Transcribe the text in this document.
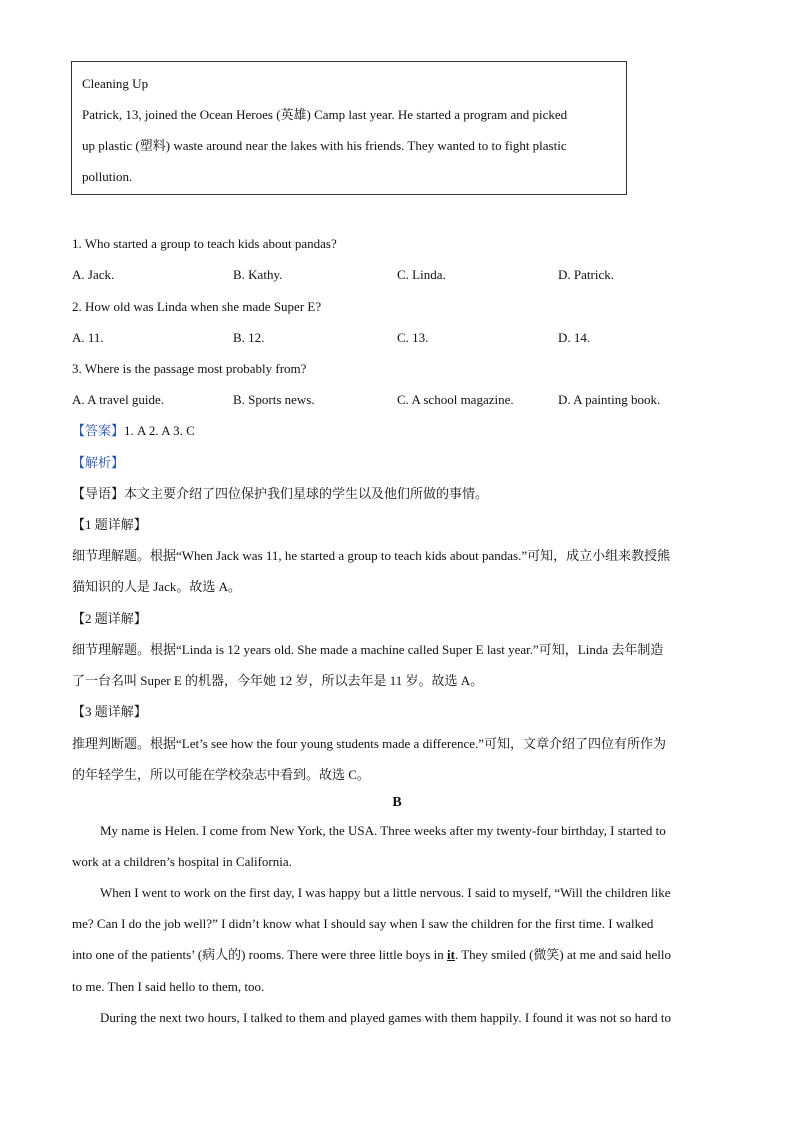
Cleaning Up
Patrick, 13, joined the Ocean Heroes (英雄) Camp last year. He started a program and picked
up plastic (塑料) waste around near the lakes with his friends. They wanted to to fight plastic
pollution.
1. Who started a group to teach kids about pandas?
A. Jack.	B. Kathy.	C. Linda.	D. Patrick.
2. How old was Linda when she made Super E?
A. 11.	B. 12.	C. 13.	D. 14.
3. Where is the passage most probably from?
A. A travel guide.	B. Sports news.	C. A school magazine.	D. A painting book.
【答案】1. A 2. A 3. C
【解析】
【导语】本文主要介绍了四位保护我们星球的学生以及他们所做的事情。
【1 题详解】
细节理解题。根据“When Jack was 11, he started a group to teach kids about pandas.”可知，成立小组来教授熊
猫知识的人是 Jack。故选 A。
【2 题详解】
细节理解题。根据“Linda is 12 years old. She made a machine called Super E last year.”可知，Linda 去年制造
了一台名叫 Super E 的机器，今年她 12 岁，所以去年是 11 岁。故选 A。
【3 题详解】
推理判断题。根据“Let’s see how the four young students made a difference.”可知，文章介绍了四位有所作为
的年轻学生，所以可能在学校杂志中看到。故选 C。
B
My name is Helen. I come from New York, the USA. Three weeks after my twenty-four birthday, I started to
work at a children’s hospital in California.
When I went to work on the first day, I was happy but a little nervous. I said to myself, “Will the children like
me? Can I do the job well?” I didn’t know what I should say when I saw the children for the first time. I walked
into one of the patients’ (病人的) rooms. There were three little boys in it. They smiled (微笑) at me and said hello
to me. Then I said hello to them, too.
During the next two hours, I talked to them and played games with them happily. I found it was not so hard to
